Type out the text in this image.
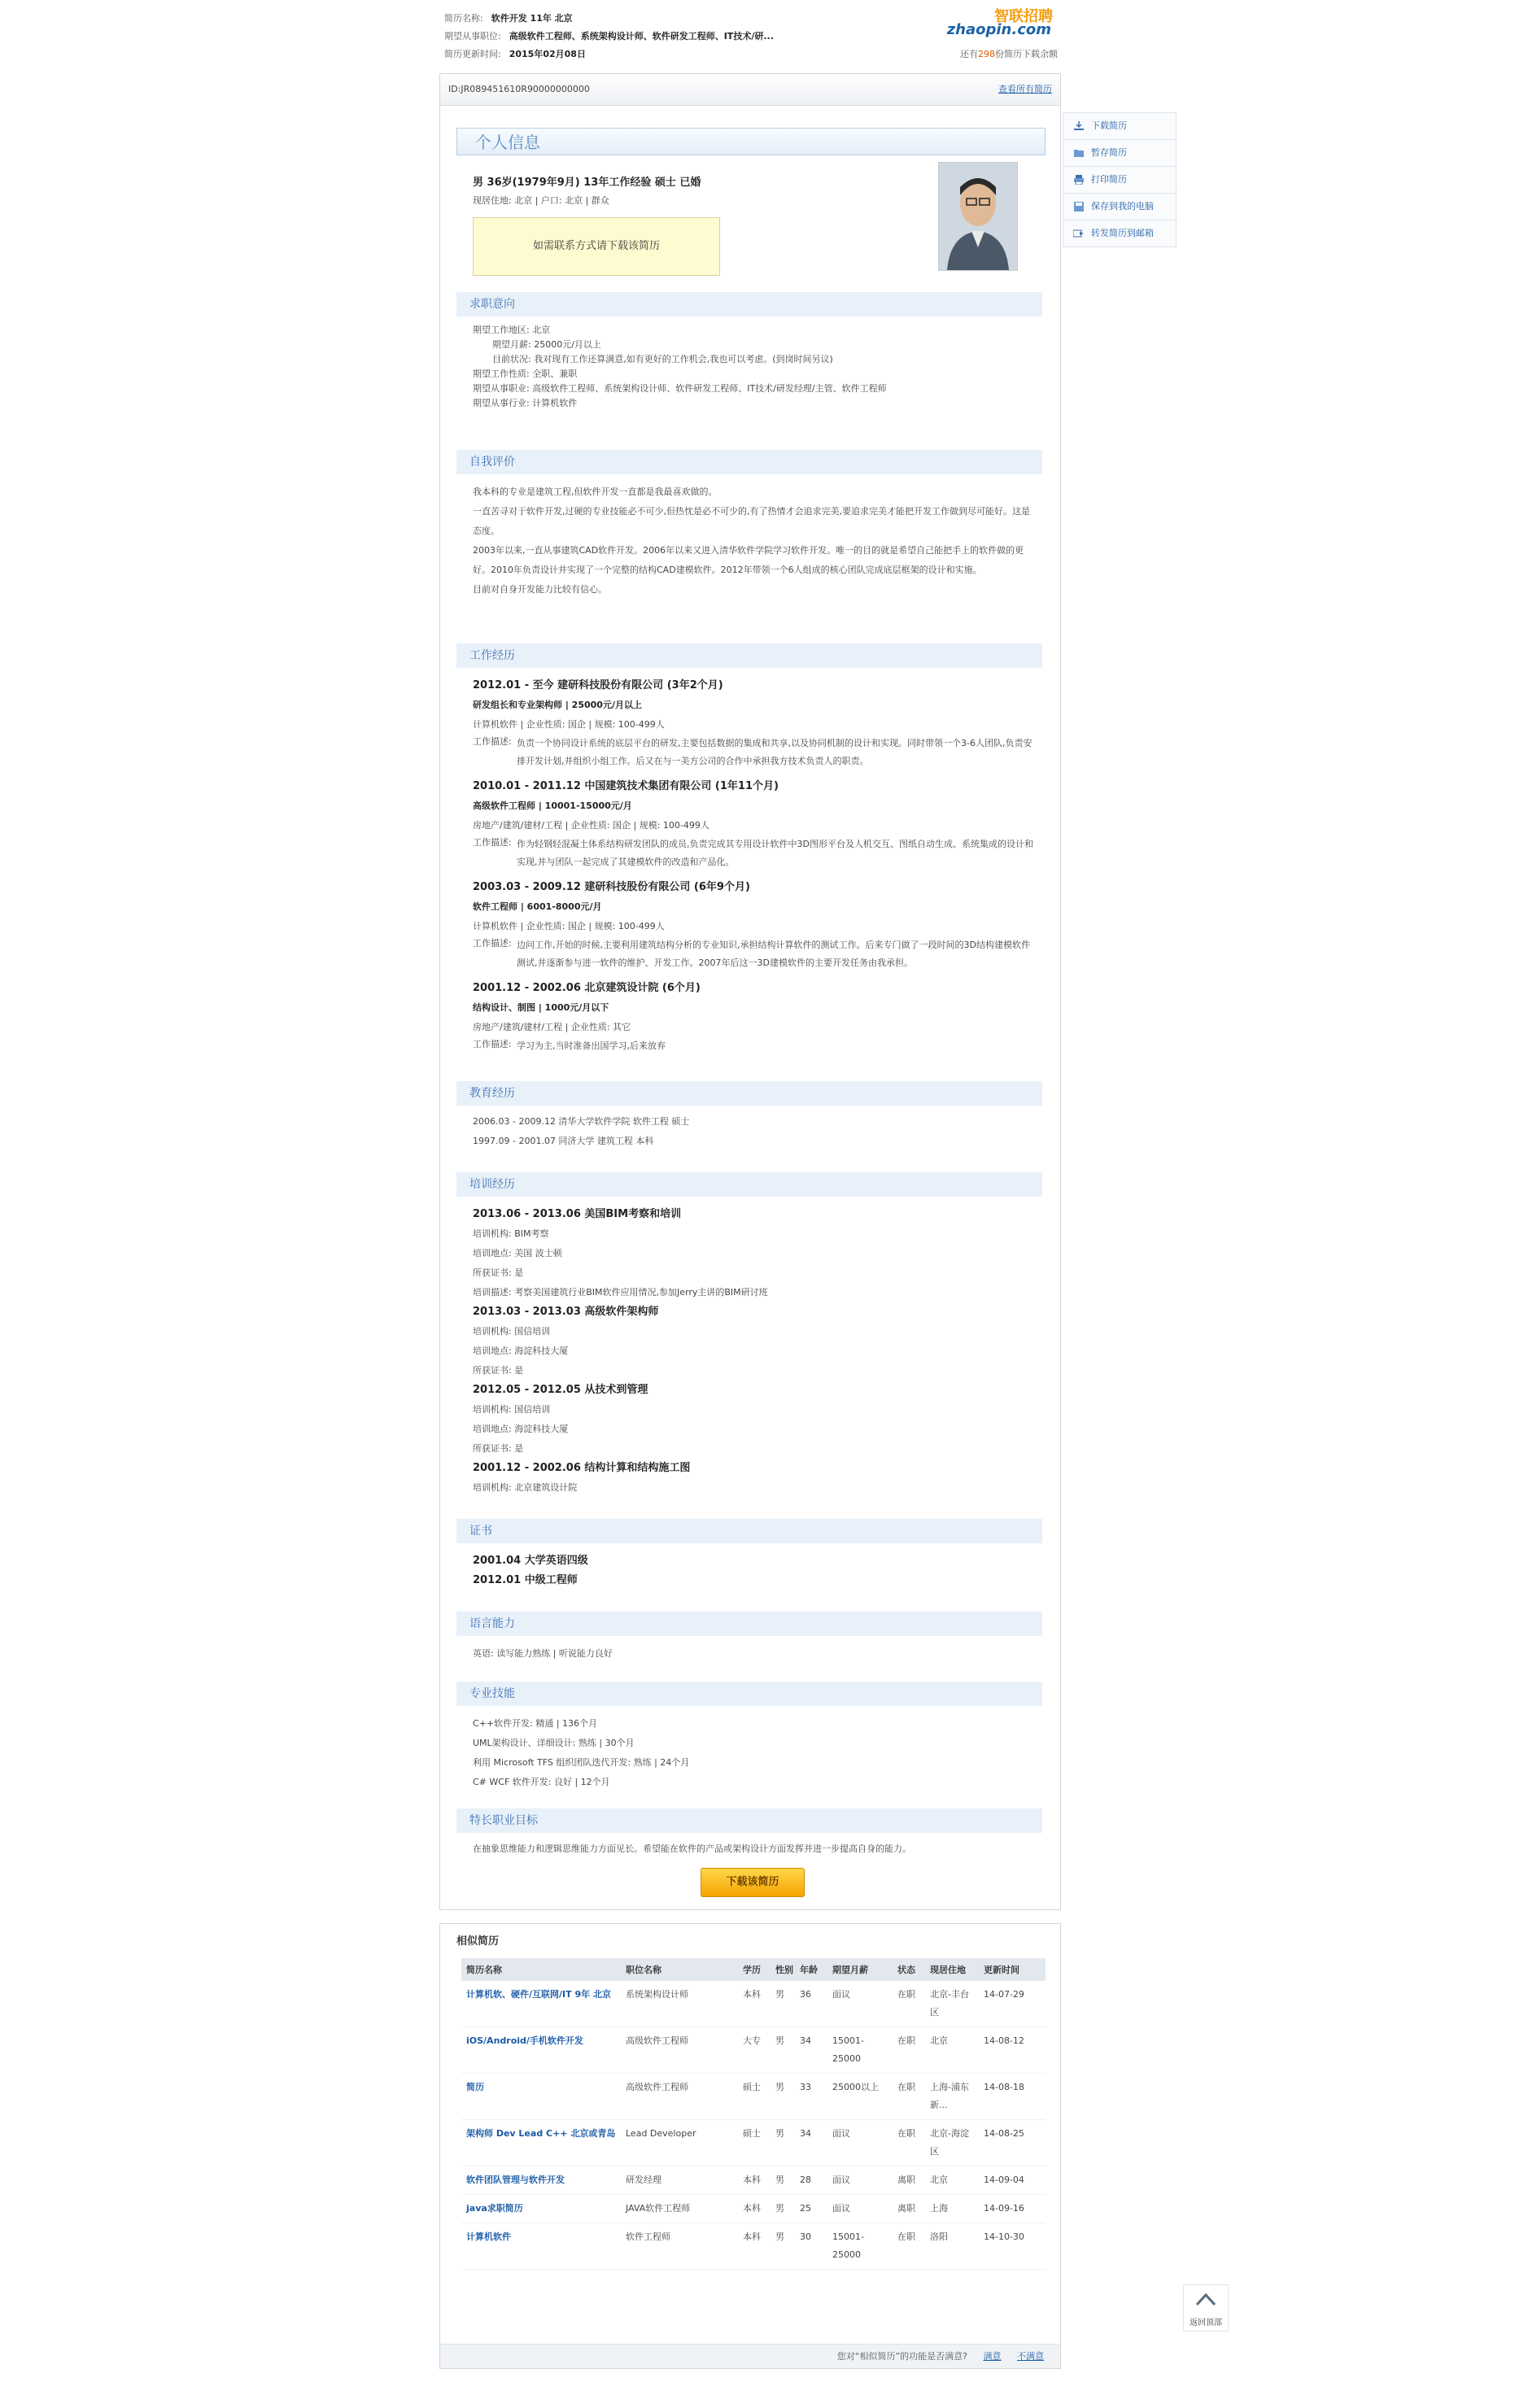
简历名称: 软件开发 11年 北京
期望从事职位: 高级软件工程师、系统架构设计师、软件研发工程师、IT技术/研...
简历更新时间: 2015年02月08日
智联招聘
zhaopin.com
还有298份简历下载余额
ID:JR089451610R90000000000	查看所有简历
个人信息
男 36岁(1979年9月) 13年工作经验 硕士 已婚
现居住地: 北京 | 户口: 北京 | 群众
如需联系方式请下载该简历
求职意向
期望工作地区: 北京
期望月薪: 25000元/月以上
目前状况: 我对现有工作还算满意,如有更好的工作机会,我也可以考虑。(到岗时间另议)
期望工作性质: 全职、兼职
期望从事职业: 高级软件工程师、系统架构设计师、软件研发工程师、IT技术/研发经理/主管、软件工程师
期望从事行业: 计算机软件
自我评价
我本科的专业是建筑工程,但软件开发一直都是我最喜欢做的。
一直苦寻对于软件开发,过硬的专业技能必不可少,但热忱是必不可少的,有了热情才会追求完美,要追求完美才能把开发工作做到尽可能好。这是态度。
2003年以来,一直从事建筑CAD软件开发。2006年以来又进入清华软件学院学习软件开发。唯一的目的就是希望自己能把手上的软件做的更好。2010年负责设计并实现了一个完整的结构CAD建模软件。2012年带领一个6人组成的核心团队完成底层框架的设计和实施。
目前对自身开发能力比较有信心。
工作经历
2012.01 - 至今 建研科技股份有限公司 (3年2个月)
研发组长和专业架构师 | 25000元/月以上
计算机软件 | 企业性质: 国企 | 规模: 100-499人
工作描述: 负责一个协同设计系统的底层平台的研发,主要包括数据的集成和共享,以及协同机制的设计和实现。同时带领一个3-6人团队,负责安排开发计划,并组织小组工作。后又在与一美方公司的合作中承担我方技术负责人的职责。
2010.01 - 2011.12 中国建筑技术集团有限公司 (1年11个月)
高级软件工程师 | 10001-15000元/月
房地产/建筑/建材/工程 | 企业性质: 国企 | 规模: 100-499人
工作描述: 作为轻钢轻混凝土体系结构研发团队的成员,负责完成其专用设计软件中3D图形平台及人机交互、图纸自动生成、系统集成的设计和实现,并与团队一起完成了其建模软件的改造和产品化。
2003.03 - 2009.12 建研科技股份有限公司 (6年9个月)
软件工程师 | 6001-8000元/月
计算机软件 | 企业性质: 国企 | 规模: 100-499人
工作描述: 边问工作,开始的时候,主要利用建筑结构分析的专业知识,承担结构计算软件的测试工作。后来专门做了一段时间的3D结构建模软件测试,并逐渐参与进一软件的维护、开发工作。2007年后这一3D建模软件的主要开发任务由我承担。
2001.12 - 2002.06 北京建筑设计院 (6个月)
结构设计、制图 | 1000元/月以下
房地产/建筑/建材/工程 | 企业性质: 其它
工作描述: 学习为主,当时准备出国学习,后来放弃
教育经历
2006.03 - 2009.12 清华大学软件学院 软件工程 硕士
1997.09 - 2001.07 同济大学 建筑工程 本科
培训经历
2013.06 - 2013.06 美国BIM考察和培训
培训机构: BIM考察
培训地点: 美国 波士顿
所获证书: 是
培训描述: 考察美国建筑行业BIM软件应用情况,参加Jerry主讲的BIM研讨班
2013.03 - 2013.03 高级软件架构师
培训机构: 国信培训
培训地点: 海淀科技大厦
所获证书: 是
2012.05 - 2012.05 从技术到管理
培训机构: 国信培训
培训地点: 海淀科技大厦
所获证书: 是
2001.12 - 2002.06 结构计算和结构施工图
培训机构: 北京建筑设计院
证书
2001.04 大学英语四级
2012.01 中级工程师
语言能力
英语: 读写能力熟练 | 听说能力良好
专业技能
C++软件开发: 精通 | 136个月
UML架构设计、详细设计: 熟练 | 30个月
利用 Microsoft TFS 组织团队迭代开发: 熟练 | 24个月
C# WCF 软件开发: 良好 | 12个月
特长职业目标
在抽象思维能力和逻辑思维能力方面见长。希望能在软件的产品或架构设计方面发挥并进一步提高自身的能力。
下载该简历
下载简历
暂存简历
打印简历
保存到我的电脑
转发简历到邮箱
相似简历
简历名称	职位名称	学历	性别	年龄	期望月薪	状态	现居住地	更新时间
计算机软、硬件/互联网/IT 9年 北京	系统架构设计师	本科	男	36	面议	在职	北京-丰台区	14-07-29
iOS/Android/手机软件开发	高级软件工程师	大专	男	34	15001-25000	在职	北京	14-08-12
简历	高级软件工程师	硕士	男	33	25000以上	在职	上海-浦东新...	14-08-18
架构师 Dev Lead C++ 北京或青岛	Lead Developer	硕士	男	34	面议	在职	北京-海淀区	14-08-25
软件团队管理与软件开发	研发经理	本科	男	28	面议	离职	北京	14-09-04
java求职简历	JAVA软件工程师	本科	男	25	面议	离职	上海	14-09-16
计算机软件	软件工程师	本科	男	30	15001-25000	在职	洛阳	14-10-30
您对“相似简历”的功能是否满意? 满意 不满意
返回顶部
